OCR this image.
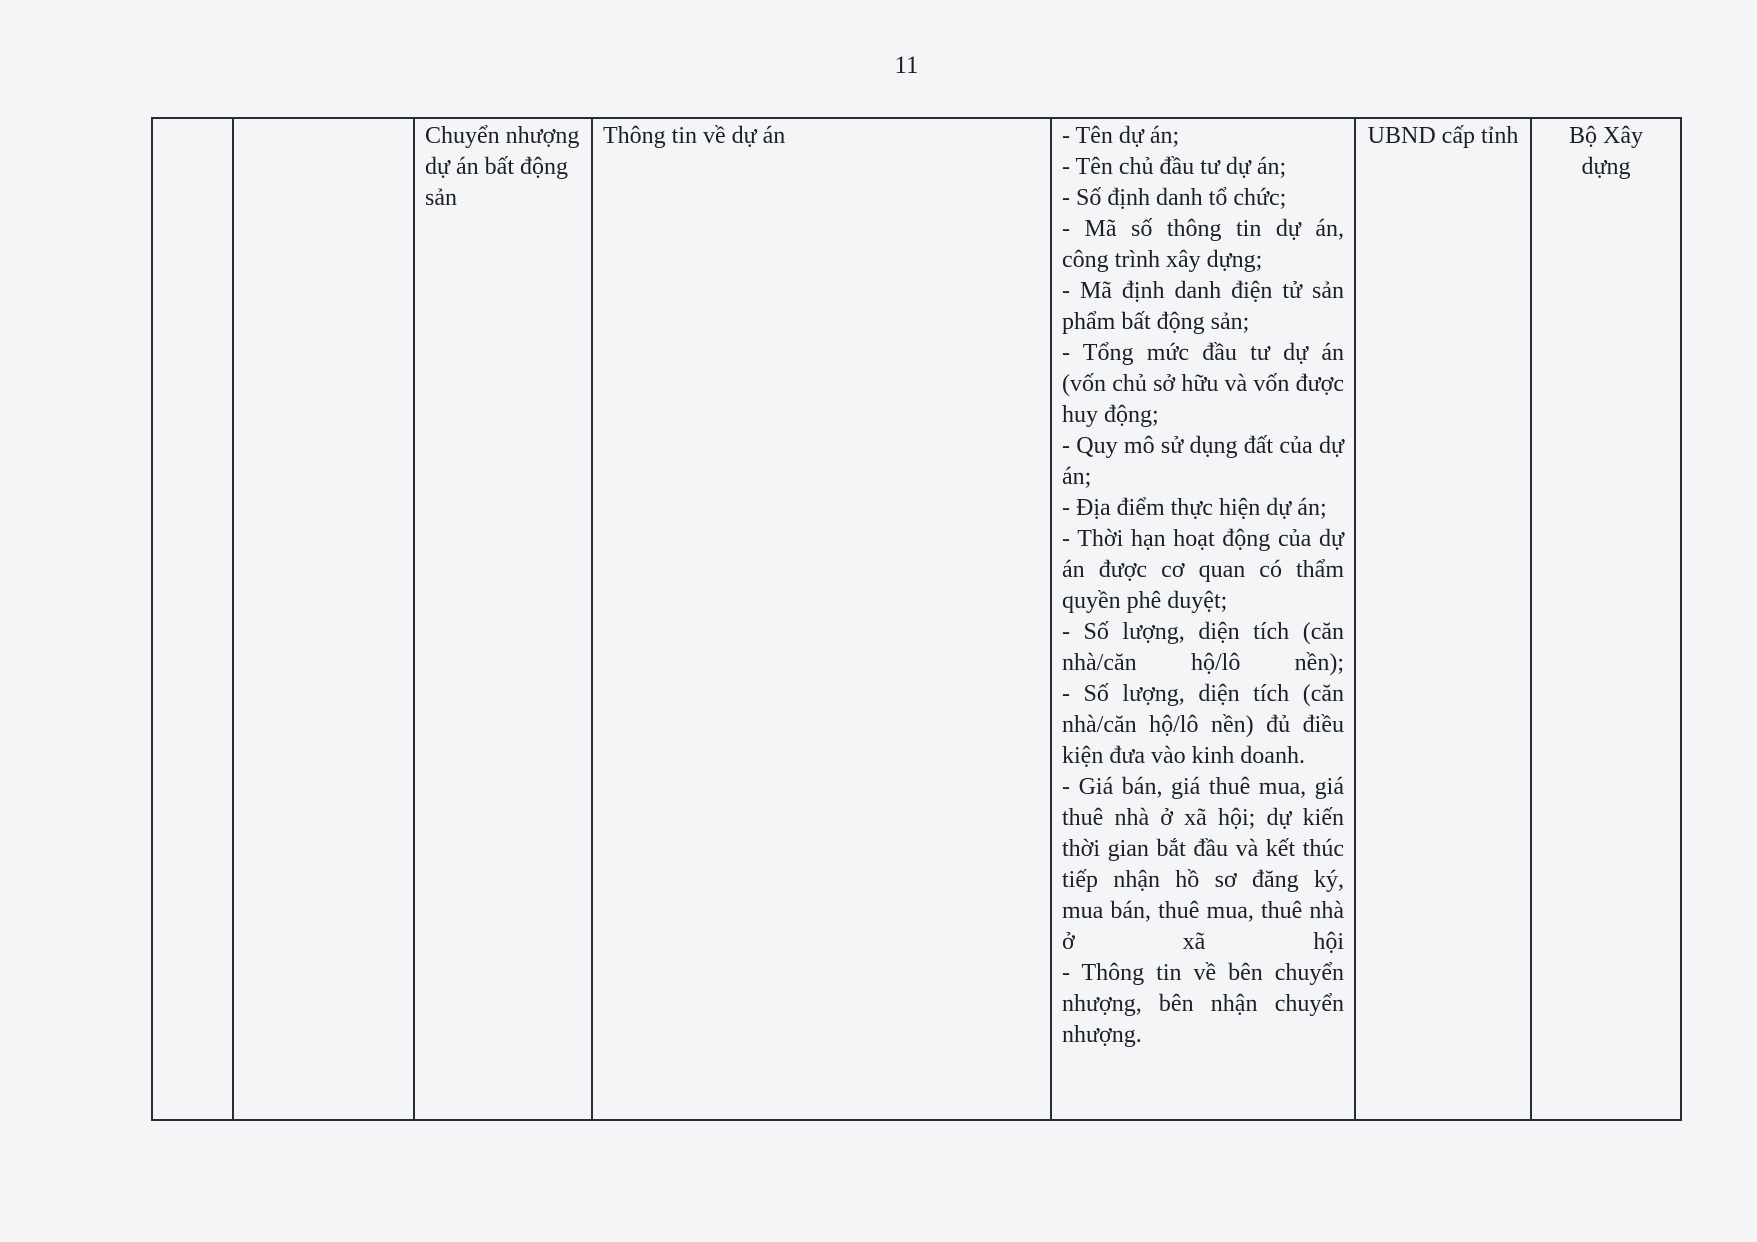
11
		Chuyển nhượng dự án bất động sản	Thông tin về dự án	- Tên dự án;
- Tên chủ đầu tư dự án;
- Số định danh tổ chức;
- Mã số thông tin dự án, công trình xây dựng;
- Mã định danh điện tử sản phẩm bất động sản;
- Tổng mức đầu tư dự án (vốn chủ sở hữu và vốn được huy động;
- Quy mô sử dụng đất của dự án;
- Địa điểm thực hiện dự án;
- Thời hạn hoạt động của dự án được cơ quan có thẩm quyền phê duyệt;
- Số lượng, diện tích (căn nhà/căn hộ/lô nền);
- Số lượng, diện tích (căn nhà/căn hộ/lô nền) đủ điều kiện đưa vào kinh doanh.
- Giá bán, giá thuê mua, giá thuê nhà ở xã hội; dự kiến thời gian bắt đầu và kết thúc tiếp nhận hồ sơ đăng ký, mua bán, thuê mua, thuê nhà ở xã hội
- Thông tin về bên chuyển nhượng, bên nhận chuyển nhượng.
	UBND cấp tỉnh	Bộ Xây dựng
